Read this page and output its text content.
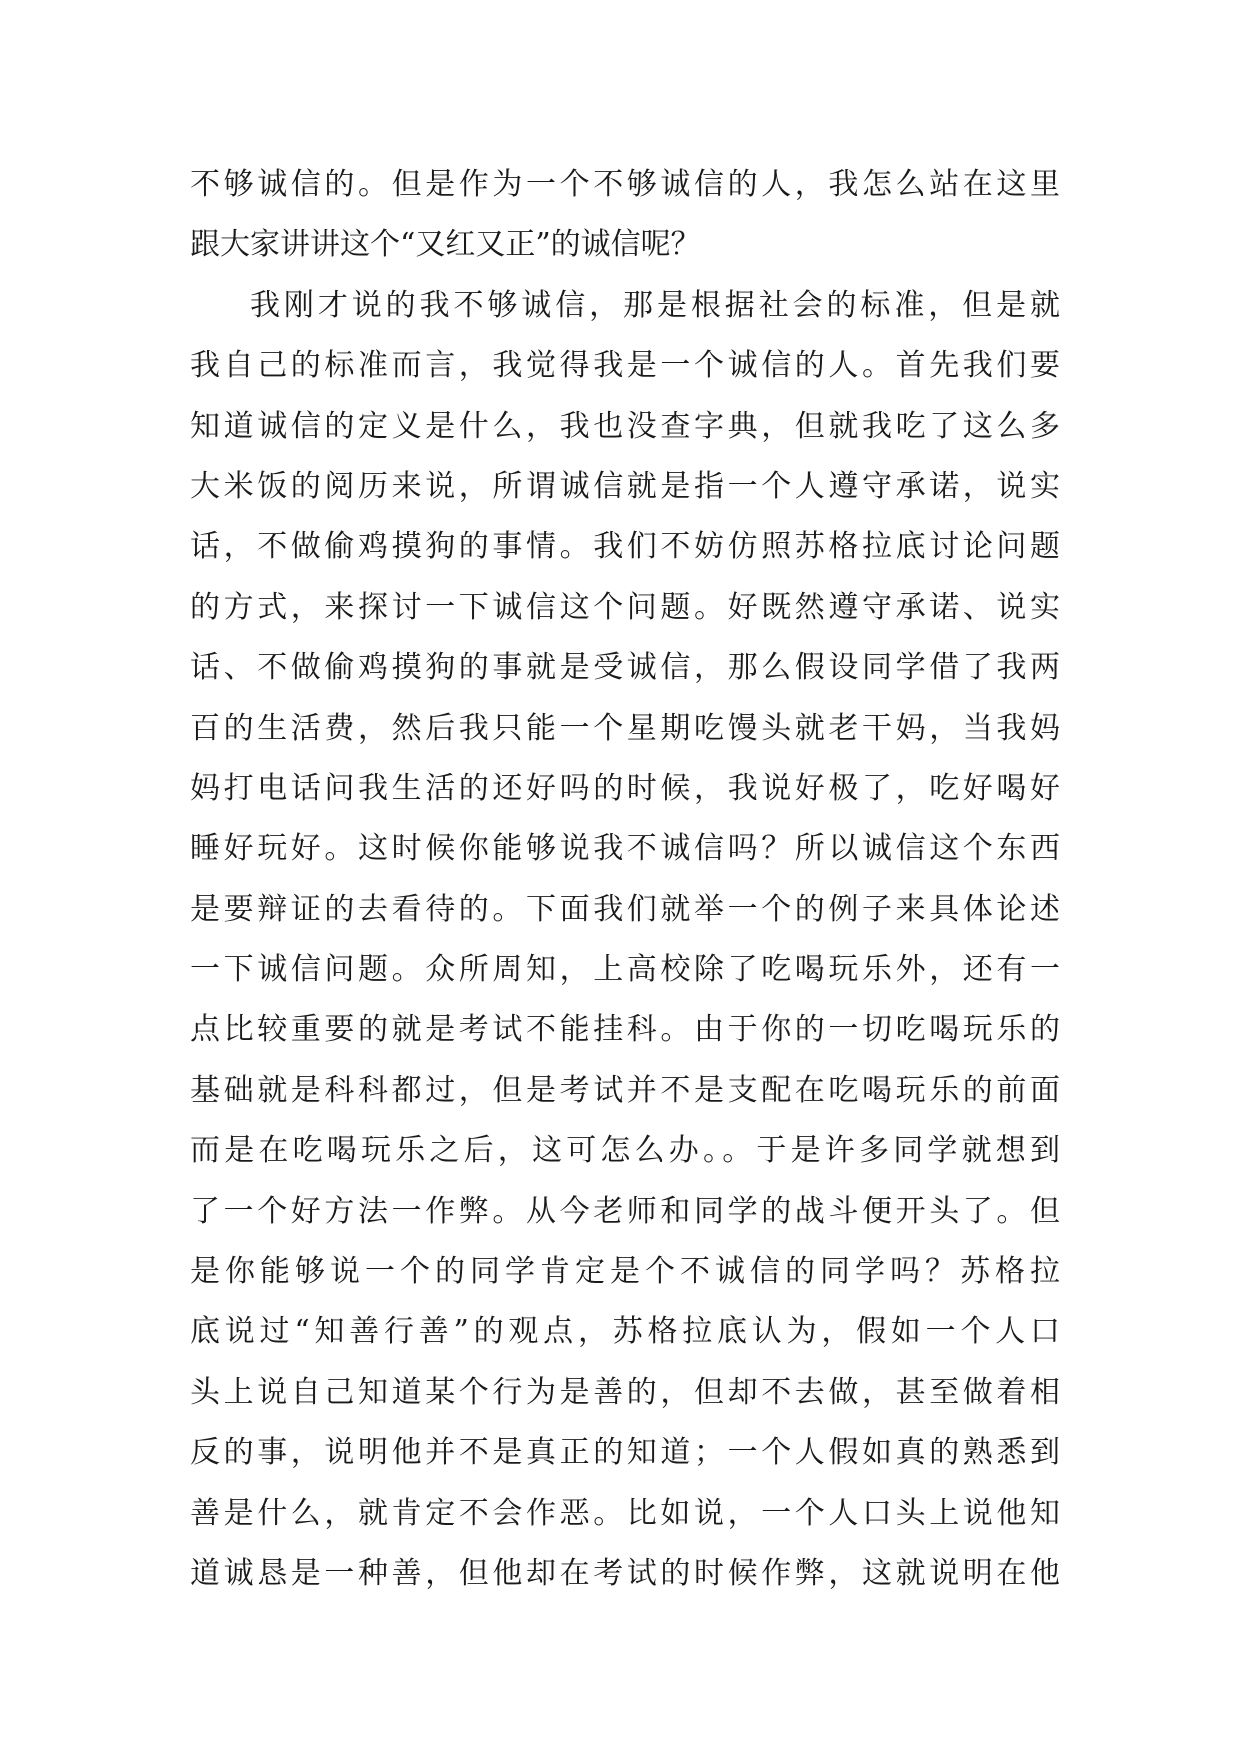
不够诚信的。但是作为一个不够诚信的人，我怎么站在这里
跟大家讲讲这个“又红又正”的诚信呢？
我刚才说的我不够诚信，那是根据社会的标准，但是就
我自己的标准而言，我觉得我是一个诚信的人。首先我们要
知道诚信的定义是什么，我也没查字典，但就我吃了这么多
大米饭的阅历来说，所谓诚信就是指一个人遵守承诺，说实
话，不做偷鸡摸狗的事情。我们不妨仿照苏格拉底讨论问题
的方式，来探讨一下诚信这个问题。好既然遵守承诺、说实
话、不做偷鸡摸狗的事就是受诚信，那么假设同学借了我两
百的生活费，然后我只能一个星期吃馒头就老干妈，当我妈
妈打电话问我生活的还好吗的时候，我说好极了，吃好喝好
睡好玩好。这时候你能够说我不诚信吗？所以诚信这个东西
是要辩证的去看待的。下面我们就举一个的例子来具体论述
一下诚信问题。众所周知，上高校除了吃喝玩乐外，还有一
点比较重要的就是考试不能挂科。由于你的一切吃喝玩乐的
基础就是科科都过，但是考试并不是支配在吃喝玩乐的前面
而是在吃喝玩乐之后，这可怎么办。。于是许多同学就想到
了一个好方法一作弊。从今老师和同学的战斗便开头了。但
是你能够说一个的同学肯定是个不诚信的同学吗？苏格拉
底说过“知善行善”的观点，苏格拉底认为，假如一个人口
头上说自己知道某个行为是善的，但却不去做，甚至做着相
反的事，说明他并不是真正的知道；一个人假如真的熟悉到
善是什么，就肯定不会作恶。比如说，一个人口头上说他知
道诚恳是一种善，但他却在考试的时候作弊，这就说明在他
